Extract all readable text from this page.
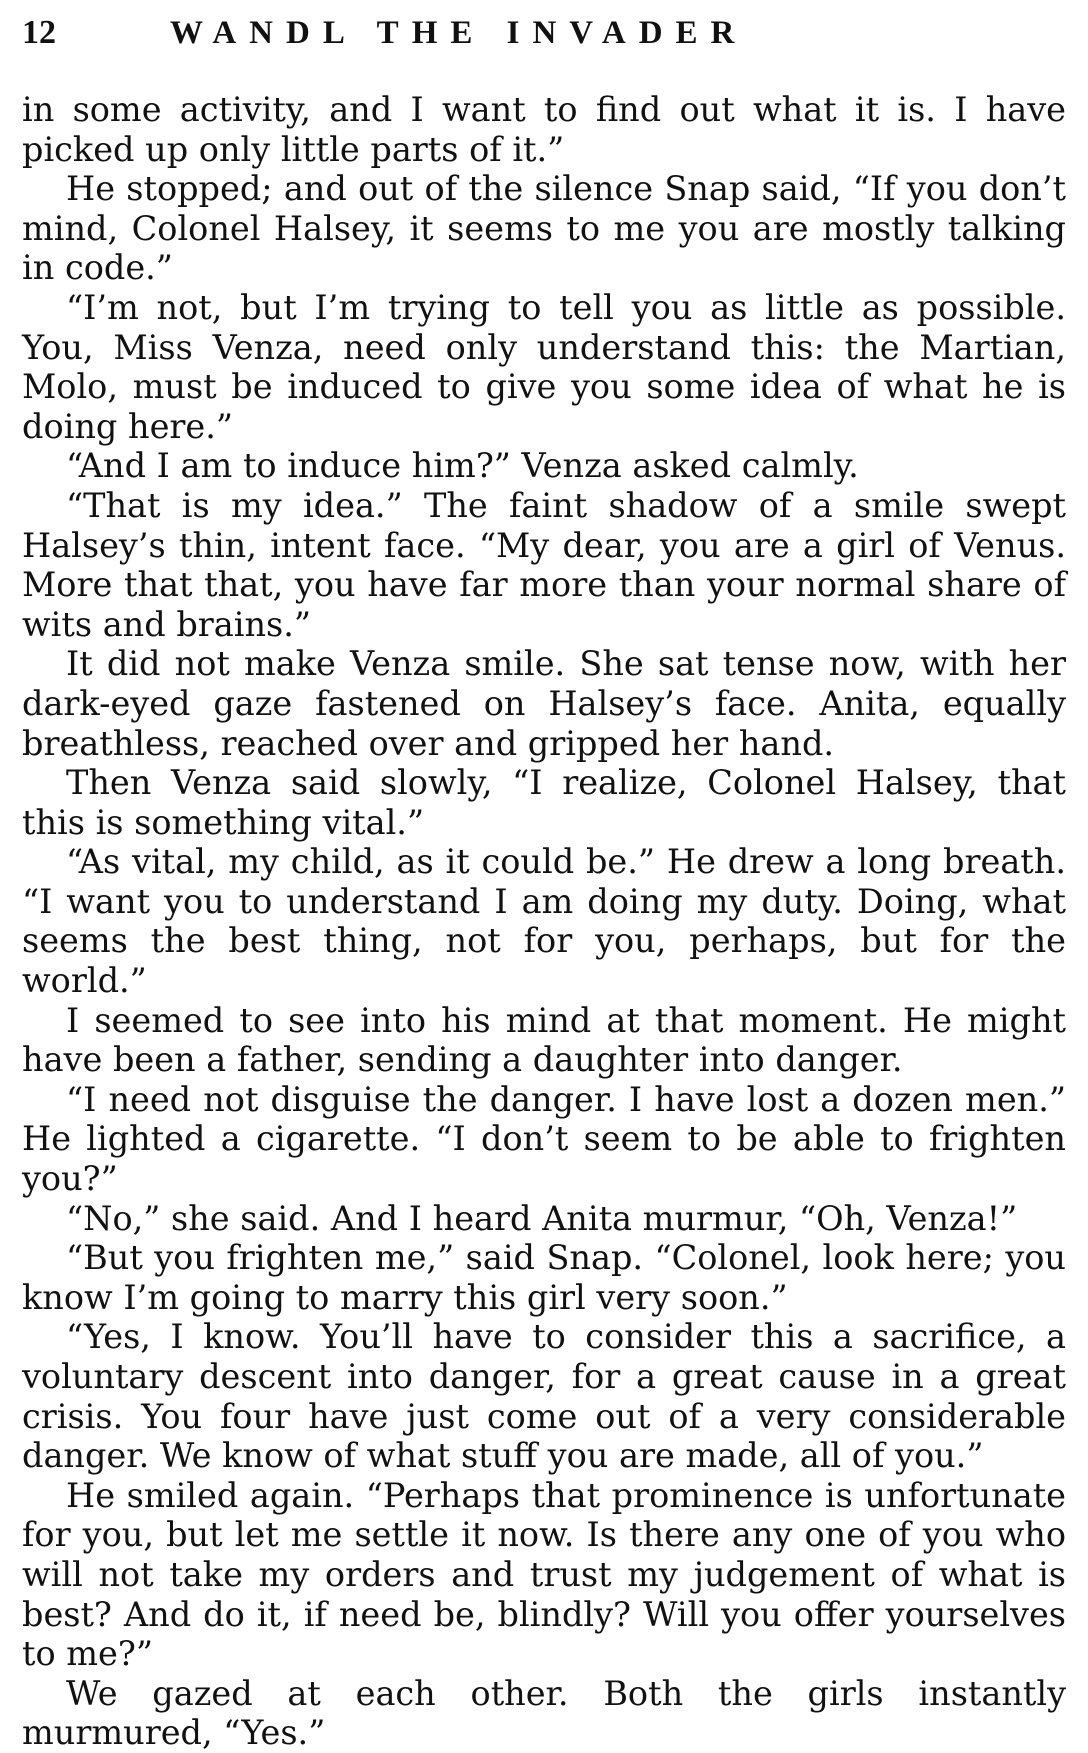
12	WANDL THE INVADER

in some activity, and I want to find out what it is. I have picked up only little parts of it.”

He stopped; and out of the silence Snap said, “If you don’t mind, Colonel Halsey, it seems to me you are mostly talking in code.”

“I’m not, but I’m trying to tell you as little as possible. You, Miss Venza, need only understand this: the Martian, Molo, must be induced to give you some idea of what he is doing here.”

“And I am to induce him?” Venza asked calmly.

“That is my idea.” The faint shadow of a smile swept Halsey’s thin, intent face. “My dear, you are a girl of Venus. More that that, you have far more than your normal share of wits and brains.”

It did not make Venza smile. She sat tense now, with her dark-eyed gaze fastened on Halsey’s face. Anita, equally breathless, reached over and gripped her hand.

Then Venza said slowly, “I realize, Colonel Halsey, that this is something vital.”

“As vital, my child, as it could be.” He drew a long breath. “I want you to understand I am doing my duty. Doing, what seems the best thing, not for you, perhaps, but for the world.”

I seemed to see into his mind at that moment. He might have been a father, sending a daughter into danger.

“I need not disguise the danger. I have lost a dozen men.” He lighted a cigarette. “I don’t seem to be able to frighten you?”

“No,” she said. And I heard Anita murmur, “Oh, Venza!”

“But you frighten me,” said Snap. “Colonel, look here; you know I’m going to marry this girl very soon.”

“Yes, I know. You’ll have to consider this a sacrifice, a voluntary descent into danger, for a great cause in a great crisis. You four have just come out of a very considerable danger. We know of what stuff you are made, all of you.”

He smiled again. “Perhaps that prominence is unfortunate for you, but let me settle it now. Is there any one of you who will not take my orders and trust my judgement of what is best? And do it, if need be, blindly? Will you offer yourselves to me?”

We gazed at each other. Both the girls instantly murmured, “Yes.”
